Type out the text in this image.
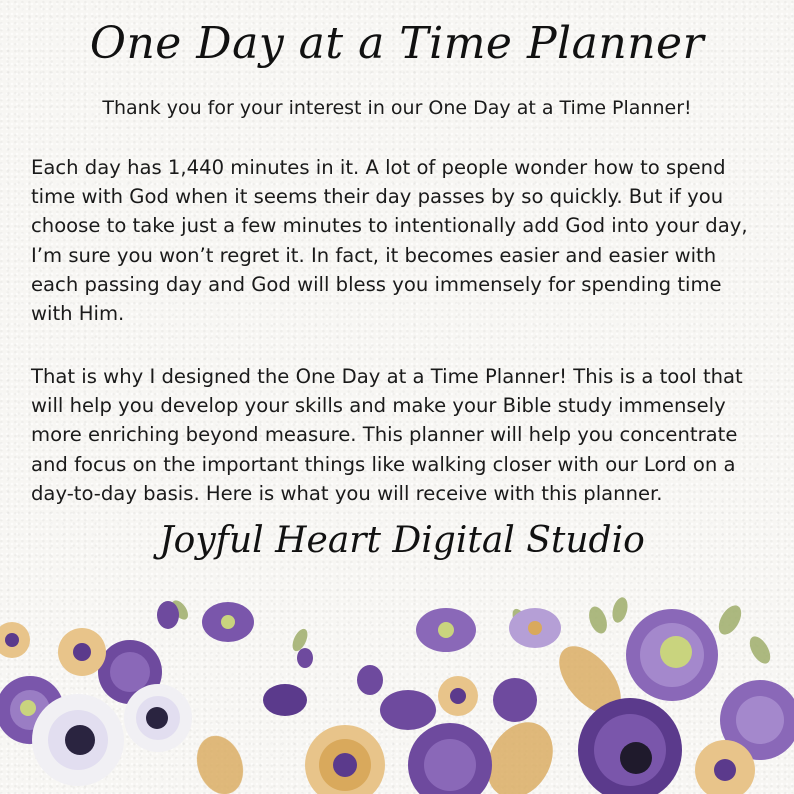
One Day at a Time Planner
Thank you for your interest in our One Day at a Time Planner!

Each day has 1,440 minutes in it. A lot of people wonder how to spend time with God when it seems their day passes by so quickly. But if you choose to take just a few minutes to intentionally add God into your day, I’m sure you won’t regret it. In fact, it becomes easier and easier with each passing day and God will bless you immensely for spending time with Him.

That is why I designed the One Day at a Time Planner! This is a tool that will help you develop your skills and make your Bible study immensely more enriching beyond measure. This planner will help you concentrate and focus on the important things like walking closer with our Lord on a day-to-day basis. Here is what you will receive with this planner.

Joyful Heart Digital Studio
